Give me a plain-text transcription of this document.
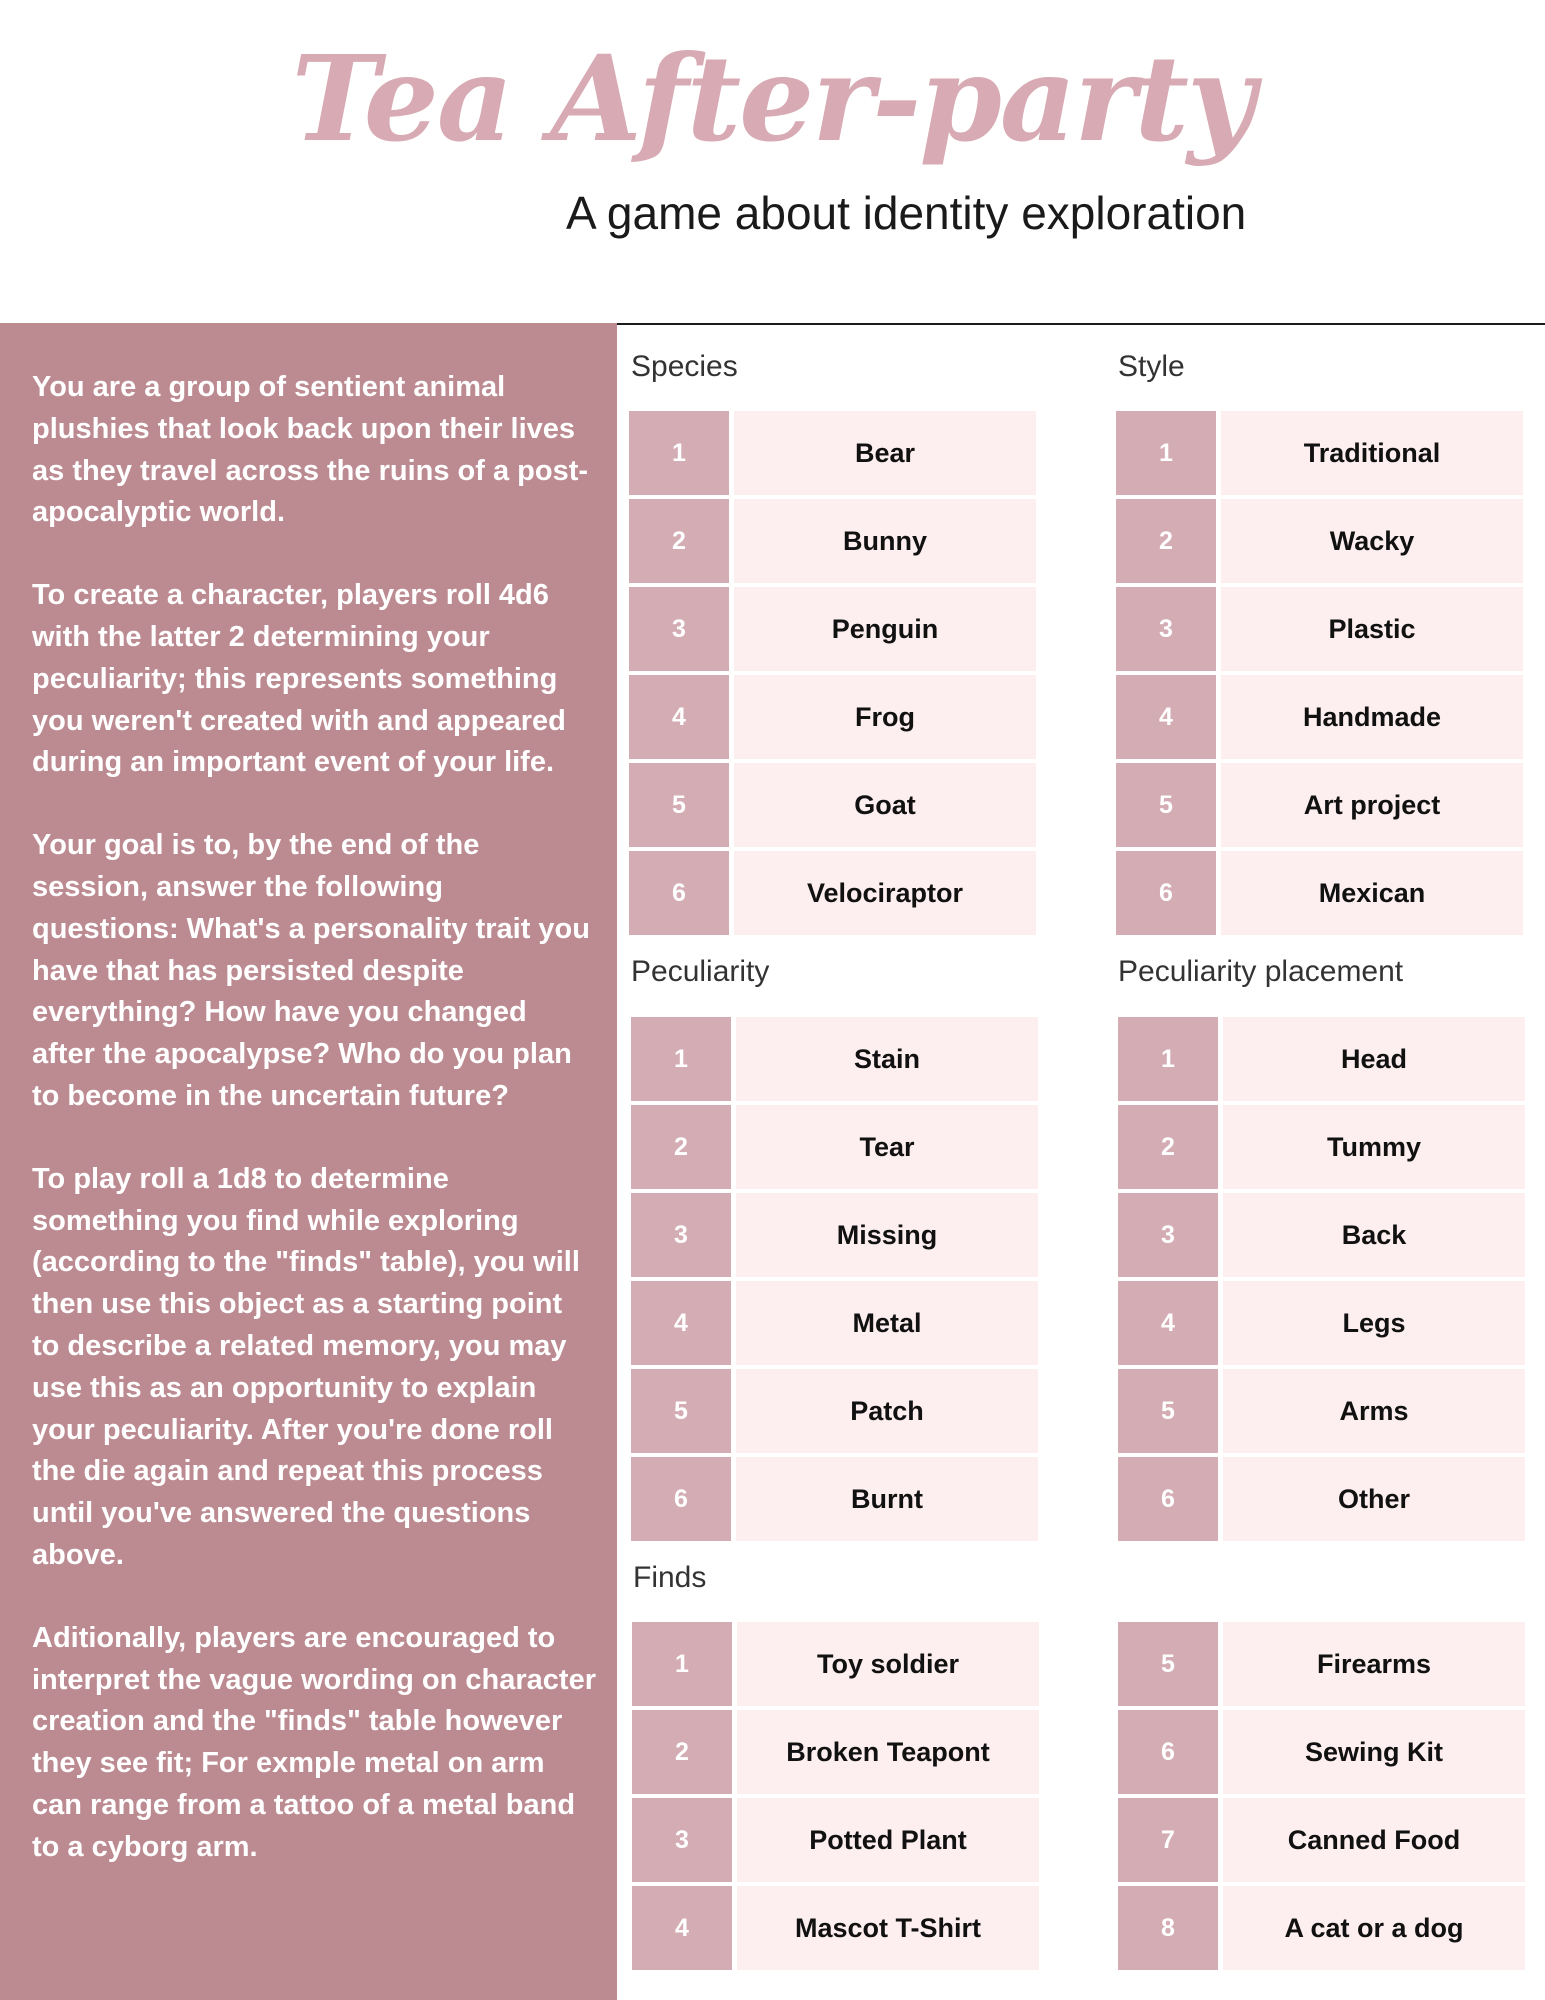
Tea After-party

A game about identity exploration

You are a group of sentient animal plushies that look back upon their lives as they travel across the ruins of a post-apocalyptic world.

To create a character, players roll 4d6 with the latter 2 determining your peculiarity; this represents something you weren't created with and appeared during an important event of your life.

Your goal is to, by the end of the session, answer the following questions: What's a personality trait you have that has persisted despite everything? How have you changed after the apocalypse? Who do you plan to become in the uncertain future?

To play roll a 1d8 to determine something you find while exploring (according to the "finds" table), you will then use this object as a starting point to describe a related memory, you may use this as an opportunity to explain your peculiarity. After you're done roll the die again and repeat this process until you've answered the questions above.

Aditionally, players are encouraged to interpret the vague wording on character creation and the "finds" table however they see fit; For exmple metal on arm can range from a tattoo of a metal band to a cyborg arm.

Species
1	Bear
2	Bunny
3	Penguin
4	Frog
5	Goat
6	Velociraptor
Style
1	Traditional
2	Wacky
3	Plastic
4	Handmade
5	Art project
6	Mexican
Peculiarity
1	Stain
2	Tear
3	Missing
4	Metal
5	Patch
6	Burnt
Peculiarity placement
1	Head
2	Tummy
3	Back
4	Legs
5	Arms
6	Other
Finds
1	Toy soldier
2	Broken Teapont
3	Potted Plant
4	Mascot T-Shirt
5	Firearms
6	Sewing Kit
7	Canned Food
8	A cat or a dog
